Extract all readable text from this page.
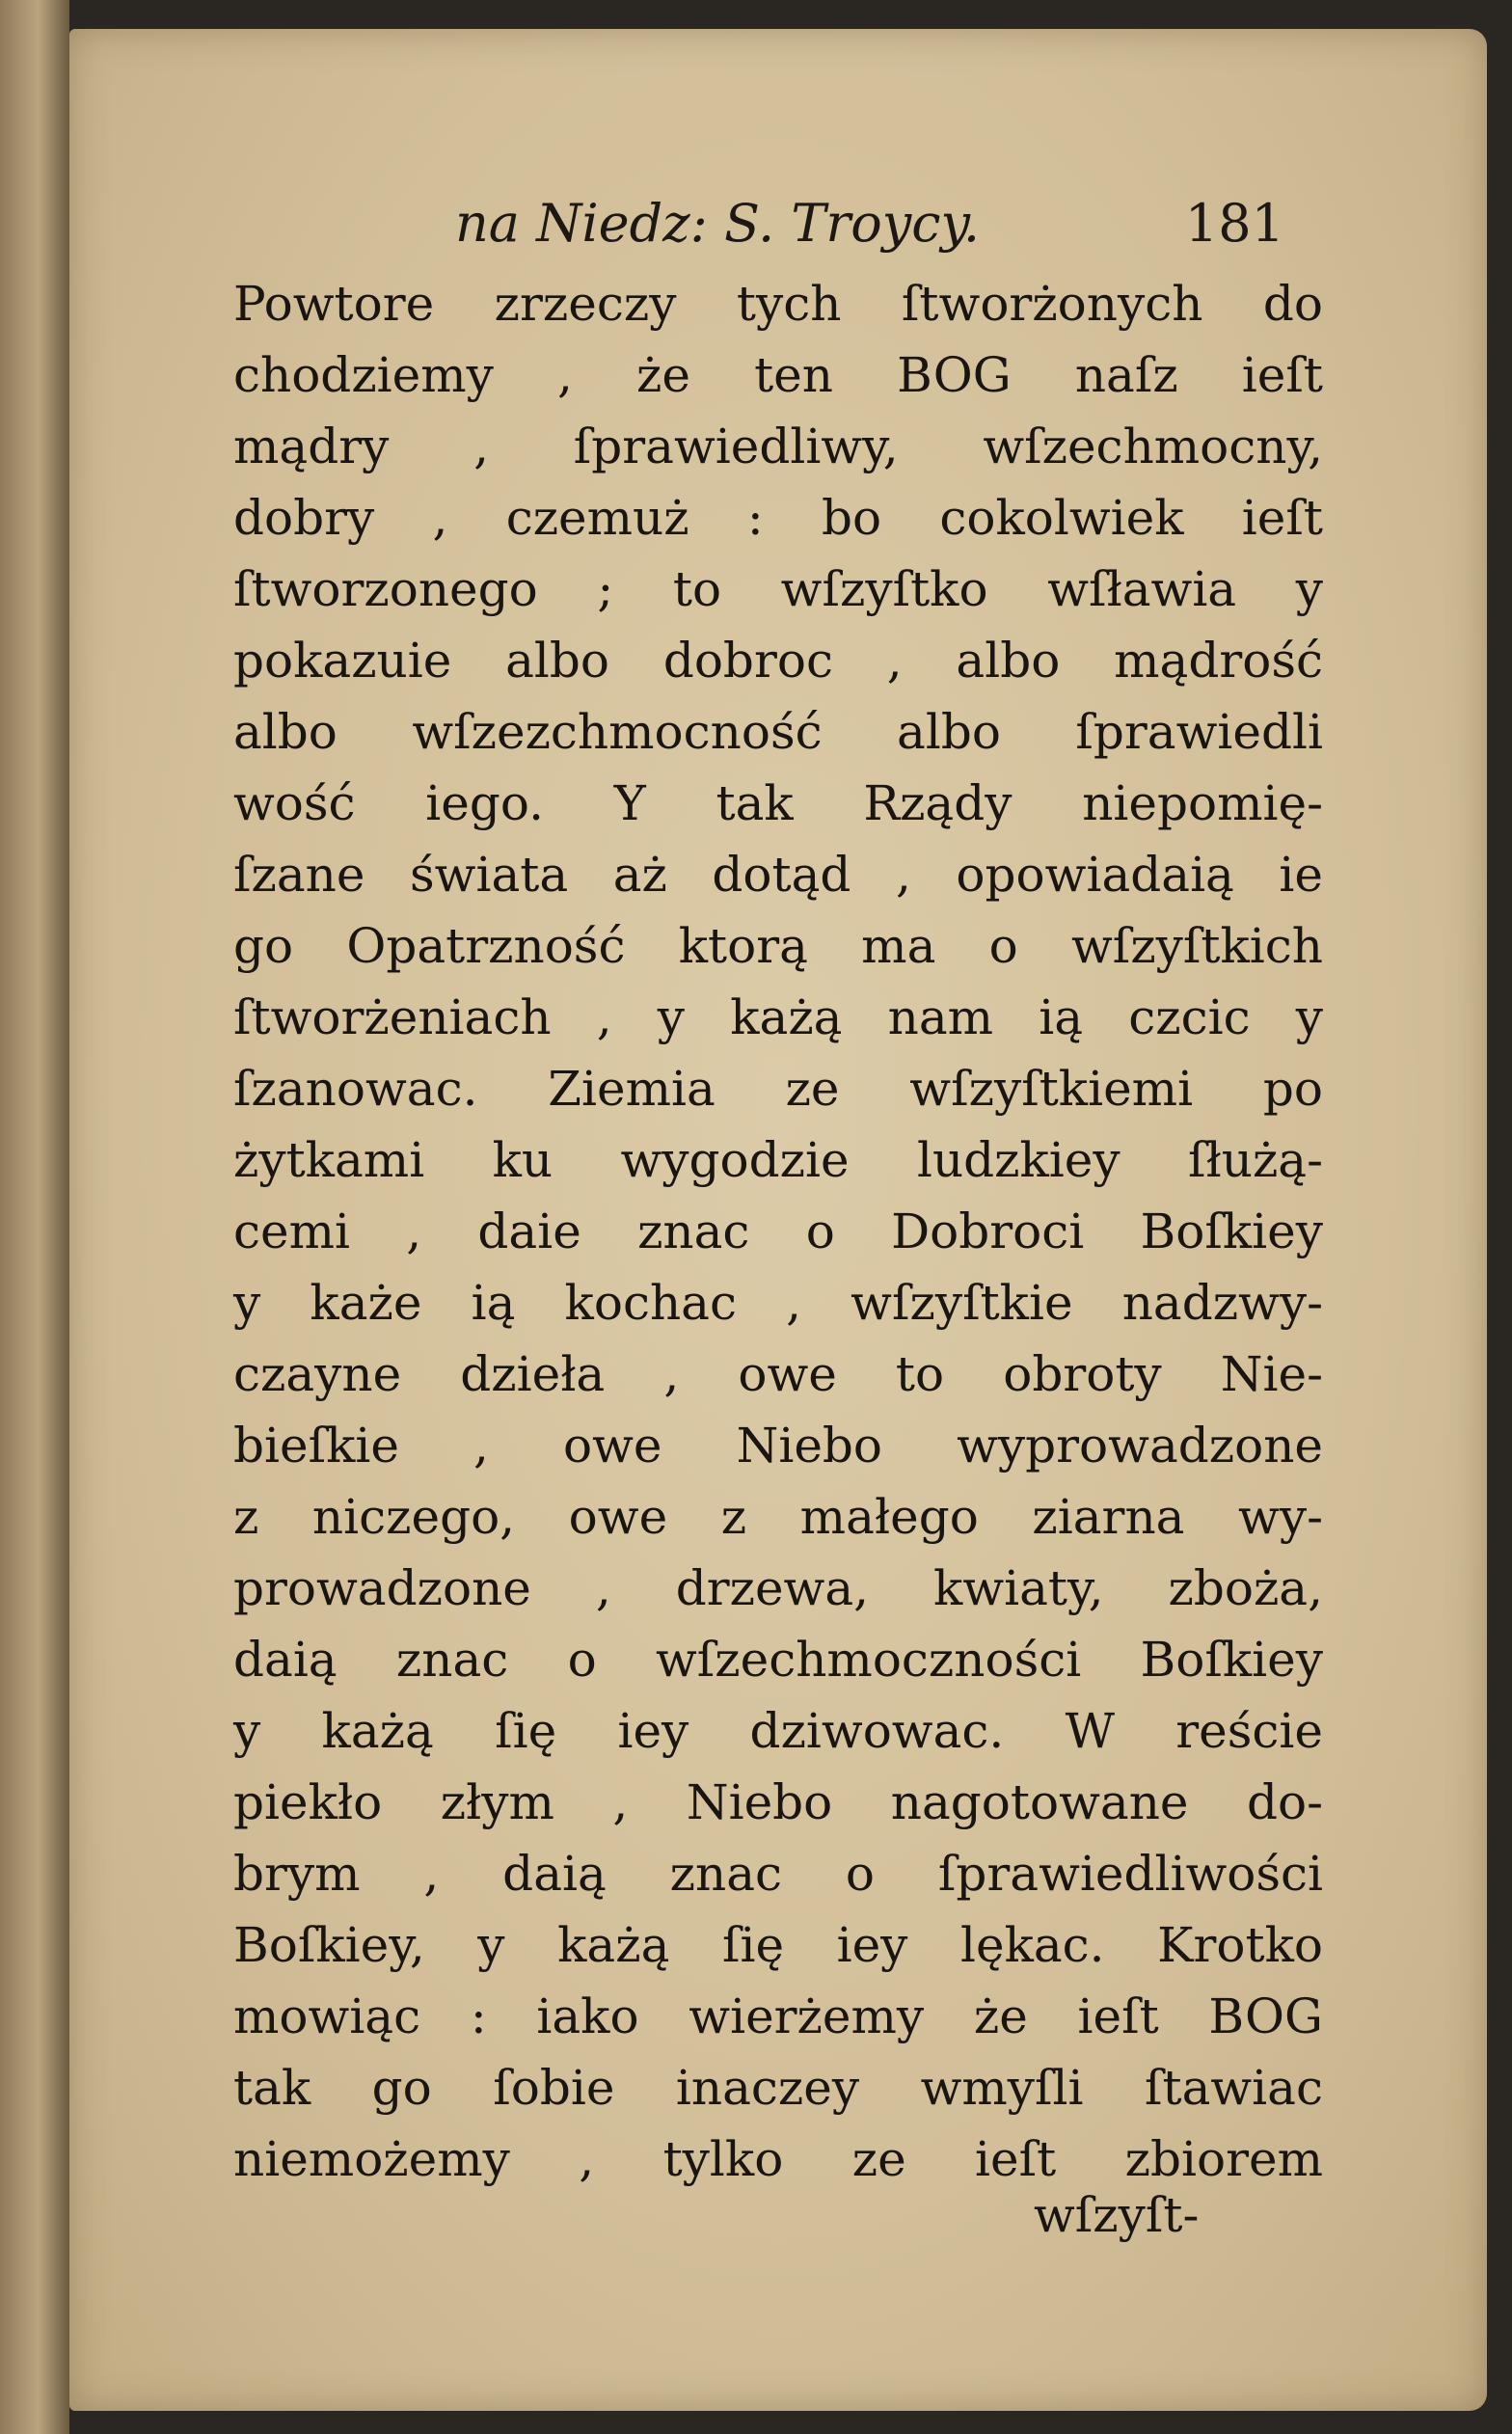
na Niedz: S. Troycy.	181
Powtore zrzeczy tych ſtworżonych do
chodziemy , że ten BOG naſz ieſt
mądry , ſprawiedliwy, wſzechmocny,
dobry , czemuż : bo cokolwiek ieſt
ſtworzonego ; to wſzyſtko wſławia y
pokazuie albo dobroc , albo mądrość
albo wſzezchmocność albo ſprawiedli
wość iego. Y tak Rządy niepomię-
ſzane świata aż dotąd , opowiadaią ie
go Opatrzność ktorą ma o wſzyſtkich
ſtworżeniach , y każą nam ią czcic y
ſzanowac. Ziemia ze wſzyſtkiemi po
żytkami ku wygodzie ludzkiey ſłużą-
cemi , daie znac o Dobroci Boſkiey
y każe ią kochac , wſzyſtkie nadzwy-
czayne dzieła , owe to obroty Nie-
bieſkie , owe Niebo wyprowadzone
z niczego, owe z małego ziarna wy-
prowadzone , drzewa, kwiaty, zboża,
daią znac o wſzechmoczności Boſkiey
y każą ſię iey dziwowac. W reście
piekło złym , Niebo nagotowane do-
brym , daią znac o ſprawiedliwości
Boſkiey, y każą ſię iey lękac. Krotko
mowiąc : iako wierżemy że ieſt BOG
tak go ſobie inaczey wmyſli ſtawiac
niemożemy , tylko ze ieſt zbiorem
wſzyſt-
